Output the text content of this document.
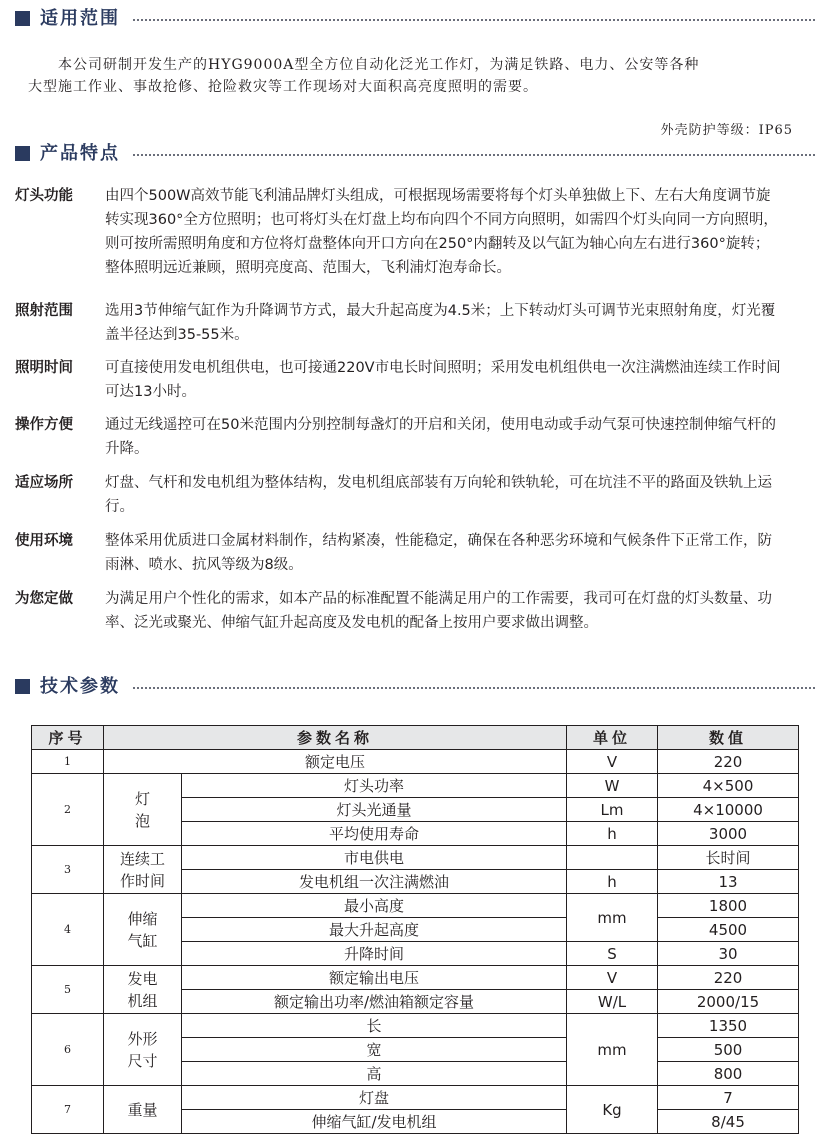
适用范围

本公司研制开发生产的HYG9000A型全方位自动化泛光工作灯，为满足铁路、电力、公安等各种

大型施工作业、事故抢修、抢险救灾等工作现场对大面积高亮度照明的需要。

外壳防护等级：IP65
产品特点
灯头功能	由四个500W高效节能飞利浦品牌灯头组成，可根据现场需要将每个灯头单独做上下、左右大角度调节旋
转实现360°全方位照明；也可将灯头在灯盘上均布向四个不同方向照明，如需四个灯头向同一方向照明，
则可按所需照明角度和方位将灯盘整体向开口方向在250°内翻转及以气缸为轴心向左右进行360°旋转；
整体照明远近兼顾，照明亮度高、范围大，飞利浦灯泡寿命长。
照射范围	选用3节伸缩气缸作为升降调节方式，最大升起高度为4.5米；上下转动灯头可调节光束照射角度，灯光覆
盖半径达到35-55米。
照明时间	可直接使用发电机组供电，也可接通220V市电长时间照明；采用发电机组供电一次注满燃油连续工作时间
可达13小时。
操作方便	通过无线遥控可在50米范围内分别控制每盏灯的开启和关闭，使用电动或手动气泵可快速控制伸缩气杆的
升降。
适应场所	灯盘、气杆和发电机组为整体结构，发电机组底部装有万向轮和铁轨轮，可在坑洼不平的路面及铁轨上运
行。
使用环境	整体采用优质进口金属材料制作，结构紧凑，性能稳定，确保在各种恶劣环境和气候条件下正常工作，防
雨淋、喷水、抗风等级为8级。
为您定做	为满足用户个性化的需求，如本产品的标准配置不能满足用户的工作需要，我司可在灯盘的灯头数量、功
率、泛光或聚光、伸缩气缸升起高度及发电机的配备上按用户要求做出调整。
技术参数
序号	参数名称		单位	数值
1	额定电压		V	220
2	灯
泡	灯头功率	W	4×500
		灯头光通量	Lm	4×10000
		平均使用寿命	h	3000
3	连续工
作时间	市电供电		长时间
		发电机组一次注满燃油	h	13
4	伸缩
气缸	最小高度	mm	1800
		最大升起高度		4500
		升降时间	S	30
5	发电
机组	额定输出电压	V	220
		额定输出功率/燃油箱额定容量	W/L	2000/15
6	外形
尺寸	长	mm	1350
		宽		500
		高		800
7	重量	灯盘	Kg	7
		伸缩气缸/发电机组		8/45
